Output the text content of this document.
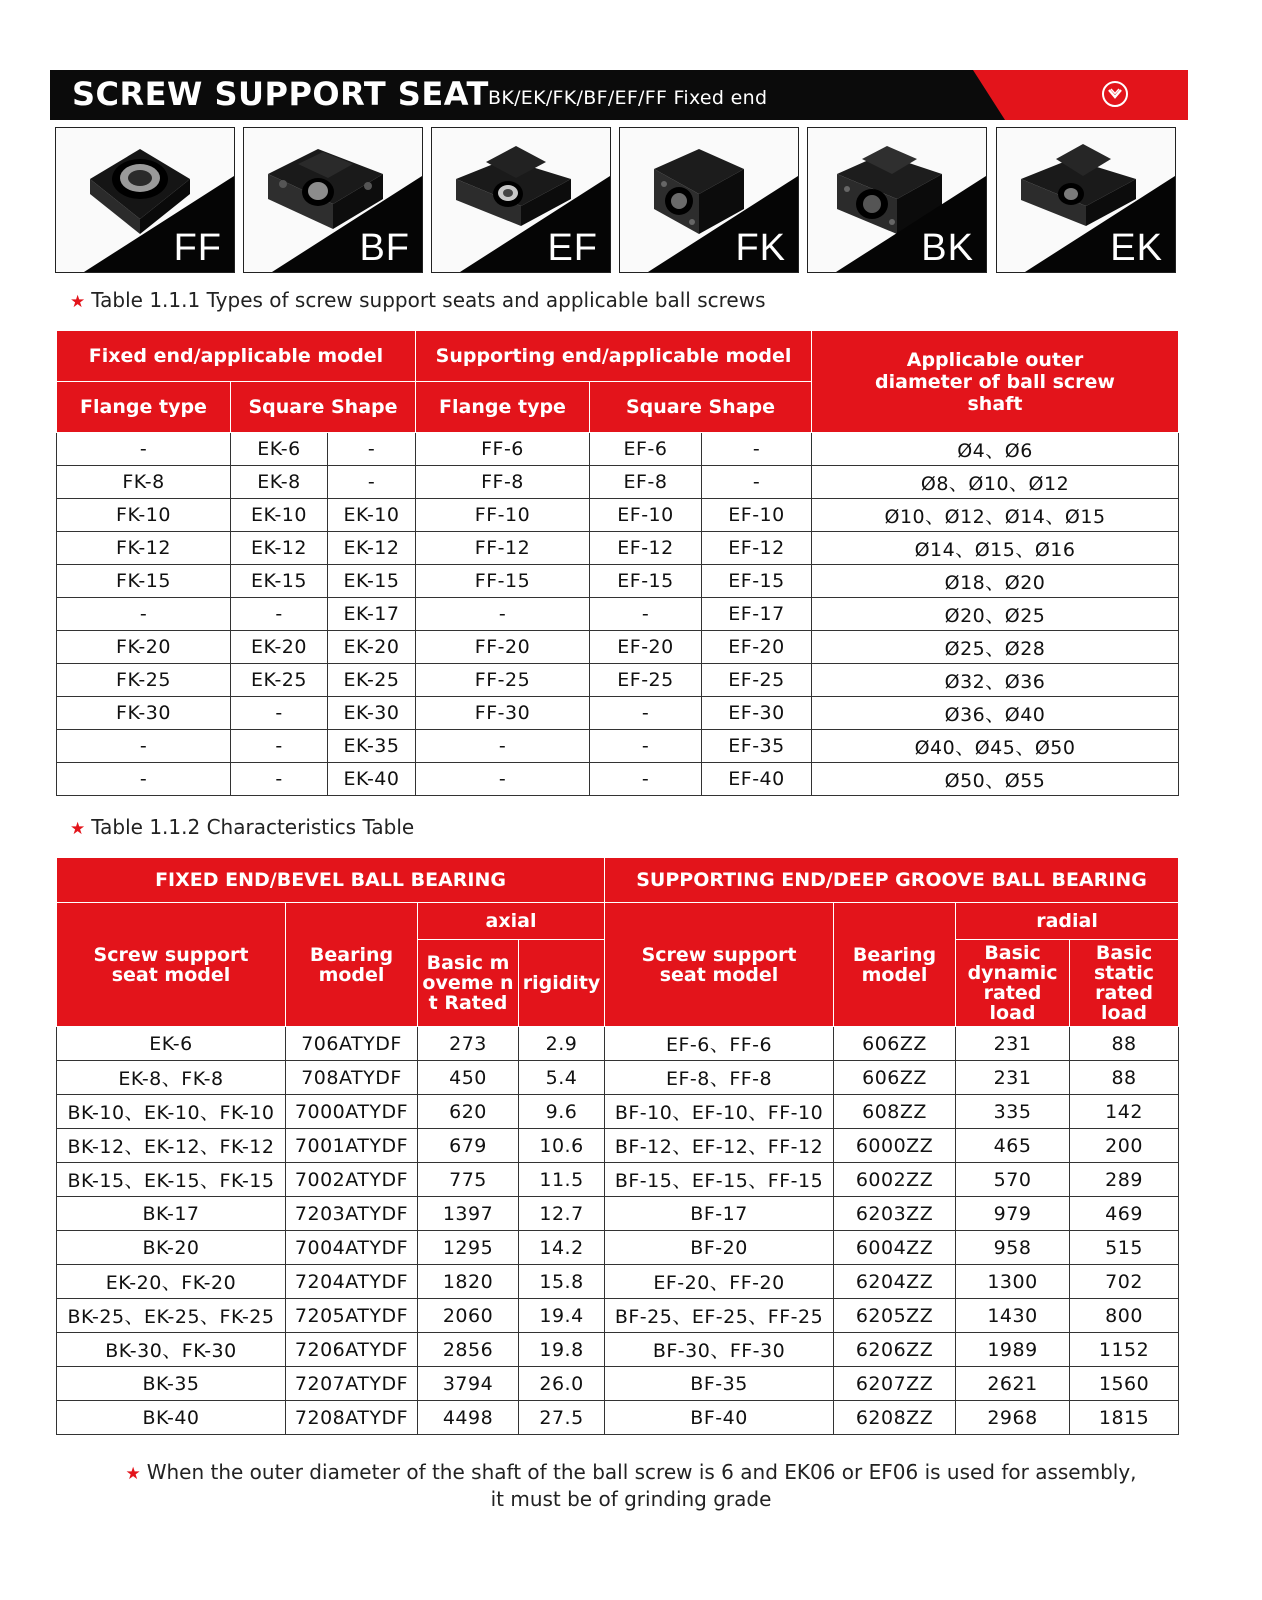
SCREW SUPPORT SEAT BK/EK/FK/BF/EF/FF Fixed end
FF	BF	EF	FK	BK	EK
★ Table 1.1.1 Types of screw support seats and applicable ball screws
Fixed end/applicable model			Supporting end/applicable model			Applicable outer diameter of ball screw shaft
Flange type	Square Shape		Flange type	Square Shape		
-	EK-6	-	FF-6	EF-6	-	Ø4、Ø6
FK-8	EK-8	-	FF-8	EF-8	-	Ø8、Ø10、Ø12
FK-10	EK-10	EK-10	FF-10	EF-10	EF-10	Ø10、Ø12、Ø14、Ø15
FK-12	EK-12	EK-12	FF-12	EF-12	EF-12	Ø14、Ø15、Ø16
FK-15	EK-15	EK-15	FF-15	EF-15	EF-15	Ø18、Ø20
-	-	EK-17	-	-	EF-17	Ø20、Ø25
FK-20	EK-20	EK-20	FF-20	EF-20	EF-20	Ø25、Ø28
FK-25	EK-25	EK-25	FF-25	EF-25	EF-25	Ø32、Ø36
FK-30	-	EK-30	FF-30	-	EF-30	Ø36、Ø40
-	-	EK-35	-	-	EF-35	Ø40、Ø45、Ø50
-	-	EK-40	-	-	EF-40	Ø50、Ø55
★ Table 1.1.2 Characteristics Table
FIXED END/BEVEL BALL BEARING				SUPPORTING END/DEEP GROOVE BALL BEARING			
Screw support seat model	Bearing model	axial		Screw support seat model	Bearing model	radial	
		Basic moveme nt Rated	rigidity			Basic dynamic rated load	Basic static rated load
EK-6	706ATYDF	273	2.9	EF-6、FF-6	606ZZ	231	88
EK-8、FK-8	708ATYDF	450	5.4	EF-8、FF-8	606ZZ	231	88
BK-10、EK-10、FK-10	7000ATYDF	620	9.6	BF-10、EF-10、FF-10	608ZZ	335	142
BK-12、EK-12、FK-12	7001ATYDF	679	10.6	BF-12、EF-12、FF-12	6000ZZ	465	200
BK-15、EK-15、FK-15	7002ATYDF	775	11.5	BF-15、EF-15、FF-15	6002ZZ	570	289
BK-17	7203ATYDF	1397	12.7	BF-17	6203ZZ	979	469
BK-20	7004ATYDF	1295	14.2	BF-20	6004ZZ	958	515
EK-20、FK-20	7204ATYDF	1820	15.8	EF-20、FF-20	6204ZZ	1300	702
BK-25、EK-25、FK-25	7205ATYDF	2060	19.4	BF-25、EF-25、FF-25	6205ZZ	1430	800
BK-30、FK-30	7206ATYDF	2856	19.8	BF-30、FF-30	6206ZZ	1989	1152
BK-35	7207ATYDF	3794	26.0	BF-35	6207ZZ	2621	1560
BK-40	7208ATYDF	4498	27.5	BF-40	6208ZZ	2968	1815
★ When the outer diameter of the shaft of the ball screw is 6 and EK06 or EF06 is used for assembly,
it must be of grinding grade
